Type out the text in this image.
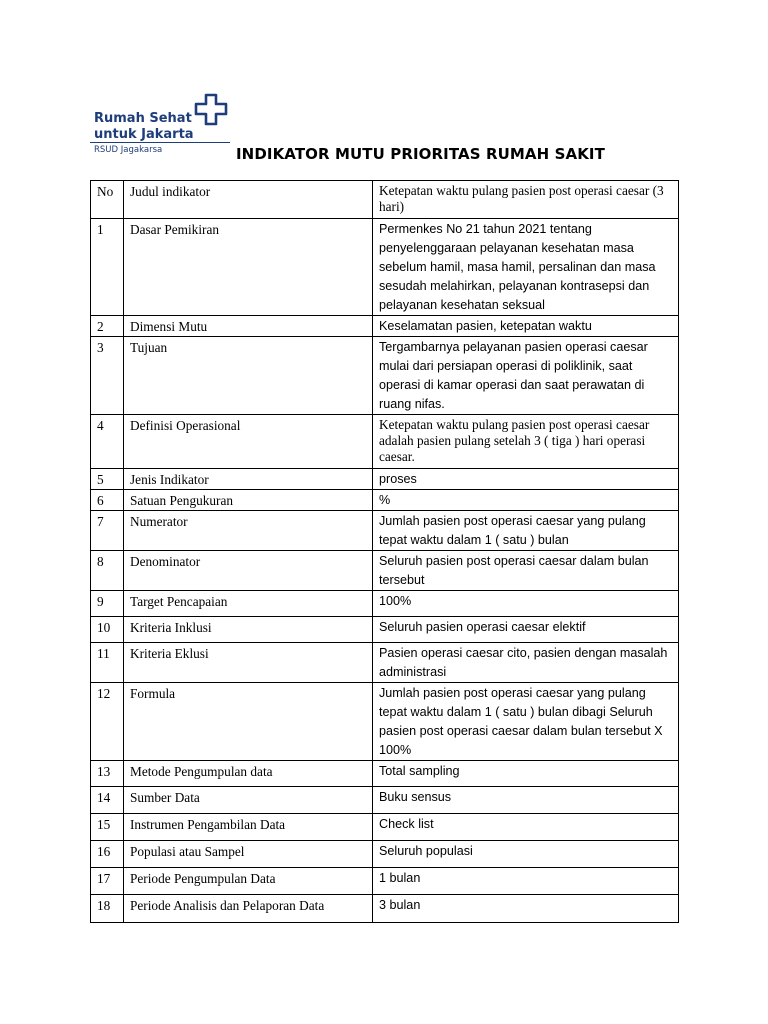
Rumah Sehat
untuk Jakarta
RSUD Jagakarsa	INDIKATOR MUTU PRIORITAS RUMAH SAKIT
No	Judul indikator	Ketepatan waktu pulang pasien post operasi caesar (3 hari)
1	Dasar Pemikiran	Permenkes No 21 tahun 2021 tentang penyelenggaraan pelayanan kesehatan masa sebelum hamil, masa hamil, persalinan dan masa sesudah melahirkan, pelayanan kontrasepsi dan pelayanan kesehatan seksual
2	Dimensi Mutu	Keselamatan pasien, ketepatan waktu
3	Tujuan	Tergambarnya pelayanan pasien operasi caesar mulai dari persiapan operasi di poliklinik, saat operasi di kamar operasi dan saat perawatan di ruang nifas.
4	Definisi Operasional	Ketepatan waktu pulang pasien post operasi caesar adalah pasien pulang setelah 3 ( tiga ) hari operasi caesar.
5	Jenis Indikator	proses
6	Satuan Pengukuran	%
7	Numerator	Jumlah pasien post operasi caesar yang pulang tepat waktu dalam 1 ( satu ) bulan
8	Denominator	Seluruh pasien post operasi caesar dalam bulan tersebut
9	Target Pencapaian	100%
10	Kriteria Inklusi	Seluruh pasien operasi caesar elektif
11	Kriteria Eklusi	Pasien operasi caesar cito, pasien dengan masalah administrasi
12	Formula	Jumlah pasien post operasi caesar yang pulang tepat waktu dalam 1 ( satu ) bulan dibagi Seluruh pasien post operasi caesar dalam bulan tersebut X 100%
13	Metode Pengumpulan data	Total sampling
14	Sumber Data	Buku sensus
15	Instrumen Pengambilan Data	Check list
16	Populasi atau Sampel	Seluruh populasi
17	Periode Pengumpulan Data	1 bulan
18	Periode Analisis dan Pelaporan Data	3 bulan
